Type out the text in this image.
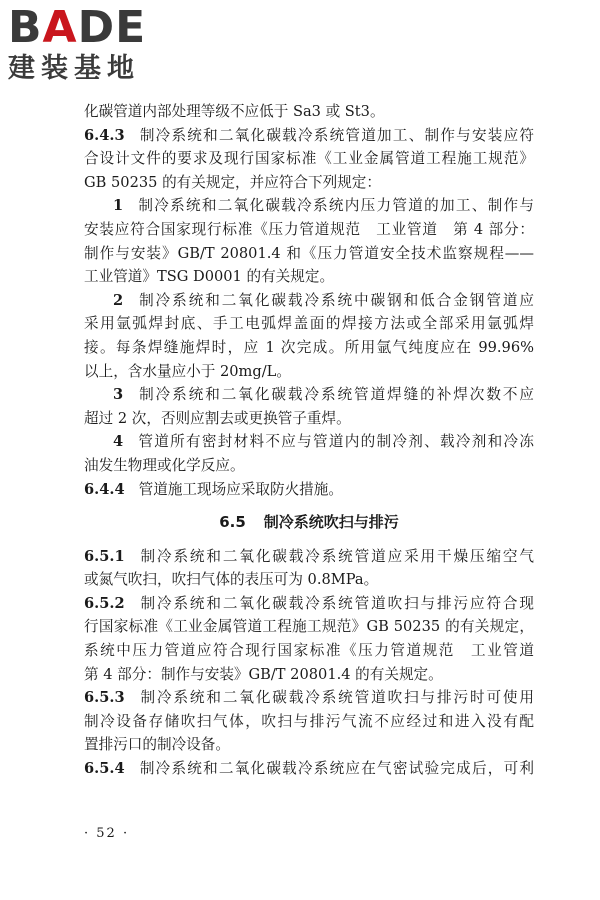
BADE
建装基地
化碳管道内部处理等级不应低于 Sa3 或 St3。
6.4.3 制冷系统和二氧化碳载冷系统管道加工、制作与安装应符
合设计文件的要求及现行国家标准《工业金属管道工程施工规范》
GB 50235 的有关规定，并应符合下列规定：
1 制冷系统和二氧化碳载冷系统内压力管道的加工、制作与
安装应符合国家现行标准《压力管道规范　工业管道　第 4 部分：
制作与安装》GB/T 20801.4 和《压力管道安全技术监察规程——
工业管道》TSG D0001 的有关规定。
2 制冷系统和二氧化碳载冷系统中碳钢和低合金钢管道应
采用氩弧焊封底、手工电弧焊盖面的焊接方法或全部采用氩弧焊
接。每条焊缝施焊时，应 1 次完成。所用氩气纯度应在 99.96%
以上，含水量应小于 20mg/L。
3 制冷系统和二氧化碳载冷系统管道焊缝的补焊次数不应
超过 2 次，否则应割去或更换管子重焊。
4 管道所有密封材料不应与管道内的制冷剂、载冷剂和冷冻
油发生物理或化学反应。
6.4.4 管道施工现场应采取防火措施。
6.5 制冷系统吹扫与排污
6.5.1 制冷系统和二氧化碳载冷系统管道应采用干燥压缩空气
或氮气吹扫，吹扫气体的表压可为 0.8MPa。
6.5.2 制冷系统和二氧化碳载冷系统管道吹扫与排污应符合现
行国家标准《工业金属管道工程施工规范》GB 50235 的有关规定，
系统中压力管道应符合现行国家标准《压力管道规范　工业管道
第 4 部分：制作与安装》GB/T 20801.4 的有关规定。
6.5.3 制冷系统和二氧化碳载冷系统管道吹扫与排污时可使用
制冷设备存储吹扫气体，吹扫与排污气流不应经过和进入没有配
置排污口的制冷设备。
6.5.4 制冷系统和二氧化碳载冷系统应在气密试验完成后，可利
· 52 ·
